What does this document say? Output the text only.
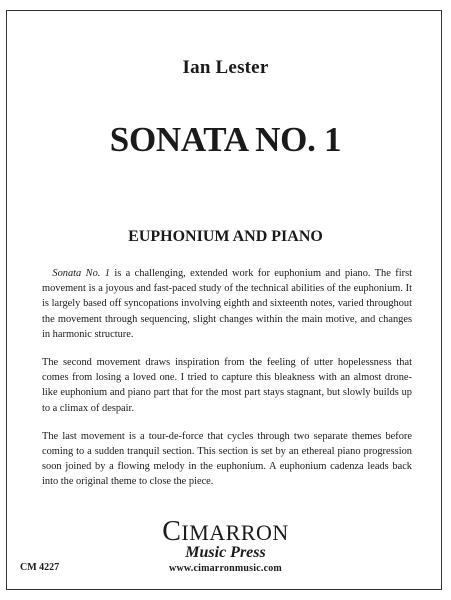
Ian Lester
SONATA NO. 1
EUPHONIUM AND PIANO

 Sonata No. 1 is a challenging, extended work for euphonium and piano. The first movement is a joyous and fast-paced study of the technical abilities of the euphonium. It is largely based off syncopations involving eighth and sixteenth notes, varied throughout the movement through sequencing, slight changes within the main motive, and changes in harmonic structure.

The second movement draws inspiration from the feeling of utter hopelessness that comes from losing a loved one. I tried to capture this bleakness with an almost drone-like euphonium and piano part that for the most part stays stagnant, but slowly builds up to a climax of despair.

The last movement is a tour-de-force that cycles through two separate themes before coming to a sudden tranquil section. This section is set by an ethereal piano progression soon joined by a flowing melody in the euphonium. A euphonium cadenza leads back into the original theme to close the piece.

CIMARRON
Music Press
CM 4227	www.cimarronmusic.com
